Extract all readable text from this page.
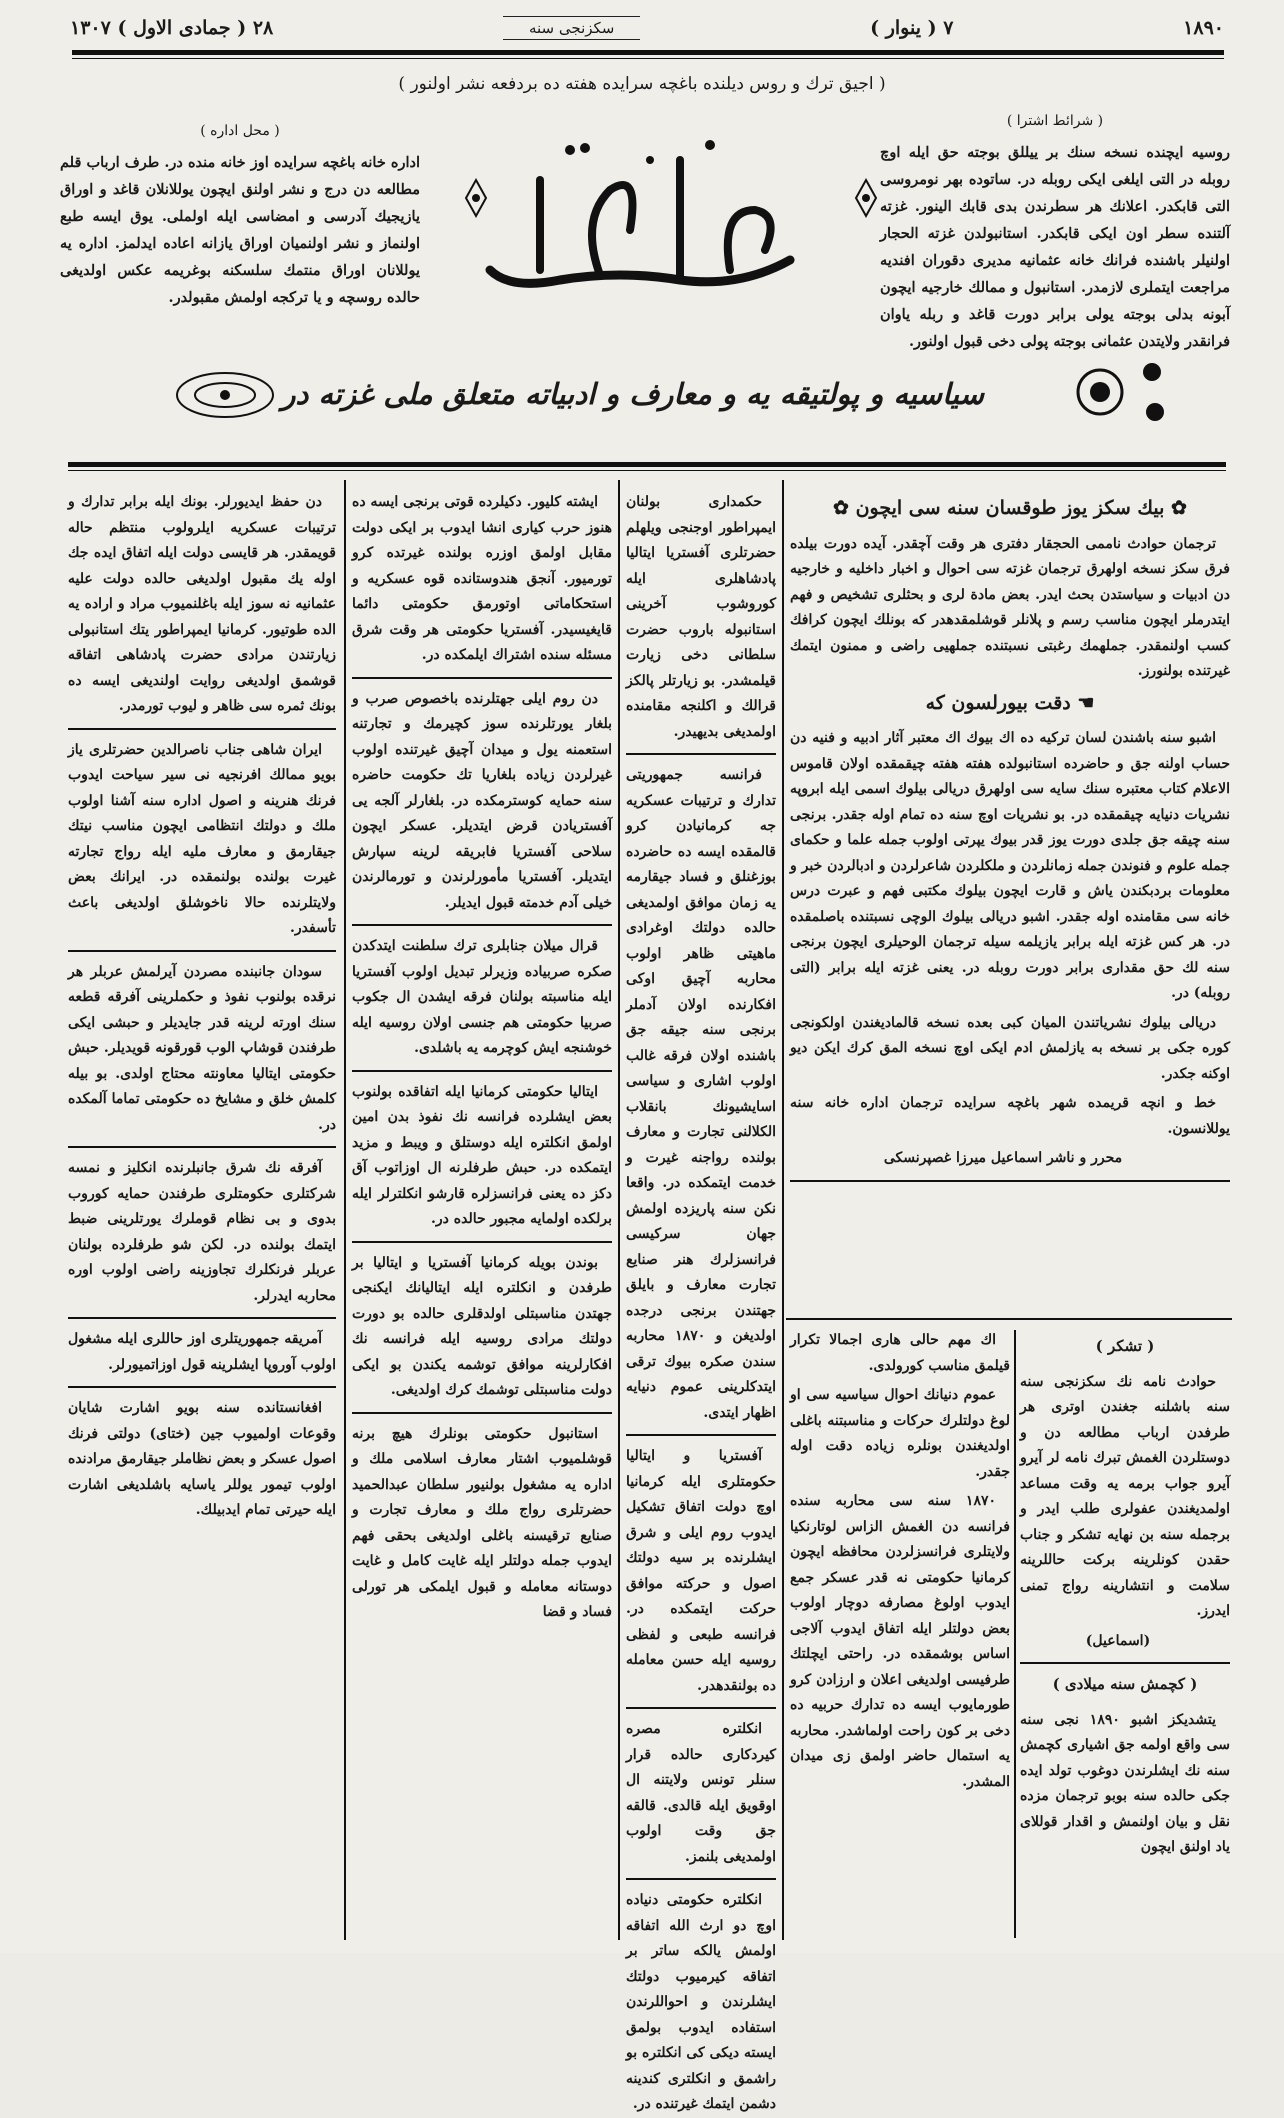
١٨٩٠
٧ ( ينوار )
سكزنجى سنه
٢٨ ( جمادى الاول ) ١٣٠٧
( اجيق ترك و روس ديلنده باغچه سرايده هفته ده بردفعه نشر اولنور )
( شرائط اشترا )
روسيه ايچنده نسخه سنك بر ييللق بوجته حق ايله اوچ روبله در التى ايلغى ايكى روبله در. ساتوده بهر نومروسى التى قابكدر. اعلانك هر سطرندن بدى قابك الينور. غزته آلتنده سطر اون ايكى قابكدر. استانبولدن غزته الحجار اولنيلر باشنده فرانك خانه عثمانيه مديرى دقوران افنديه مراجعت ايتملرى لازمدر. استانبول و ممالك خارجيه ايچون آبونه بدلى بوجته يولى برابر دورت قاغد و ربله ياوان فرانقدر ولايتدن عثمانى بوجته پولى دخى قبول اولنور.
( محل اداره )
اداره خانه باغچه سرايده اوز خانه منده در. طرف ارباب قلم مطالعه دن درج و نشر اولنق ايچون يوللانلان قاغد و اوراق يازيجيك آدرسى و امضاسى ايله اولملى. يوق ايسه طبع اولنماز و نشر اولنميان اوراق يازانه اعاده ايدلمز. اداره يه يوللانان اوراق منتمك سلسكنه بوغريمه عكس اولديغى حالده روسچه و يا تركجه اولمش مقبولدر.
سياسيه و پولتيقه يه و معارف و ادبياته متعلق ملى غزته در
✿ بيك سكز يوز طوقسان سنه سى ايچون ✿

ترجمان حوادث ناممى الحجقار دفترى هر وقت آچقدر. آيده دورت بيلده فرق سكز نسخه اولهرق ترجمان غزته سى احوال و اخبار داخليه و خارجيه دن ادبيات و سياستدن بحث ايدر. بعض مادة لرى و بحثلرى تشخيص و فهم ايتدرملر ايچون مناسب رسم و پلانلر قوشلمقدهدر كه بونلك ايچون كرافك كسب اولنمقدر. جملهمك رغبتى نسبتنده جملهيى راضى و ممنون ايتمك غيرتنده بولنورز.

☚ دقت بيورلسون كه

اشبو سنه باشندن لسان تركيه ده اك بيوك اك معتبر آثار ادبيه و فنيه دن حساب اولنه جق و حاضرده استانبولده هفته هفته چيقمقده اولان قاموس الاعلام كتاب معتبره سنك سايه سى اولهرق دريالى بيلوك اسمى ايله ابروپه نشريات دنيايه چيقمقده در. بو نشريات اوچ سنه ده تمام اوله جقدر. برنجى سنه چيقه جق جلدى دورت يوز قدر بيوك يپرتى اولوب جمله علما و حكماى جمله علوم و فنوندن جمله زمانلردن و ملكلردن شاعرلردن و ادبالردن خبر و معلومات بردبكندن ياش و قارت ايچون بيلوك مكتبى فهم و عبرت درس خانه سى مقامنده اوله جقدر. اشبو دريالى بيلوك الوچى نسبتنده باصلمقده در. هر كس غزته ايله برابر يازيلمه سيله ترجمان الوحيلرى ايچون برنجى سنه لك حق مقدارى برابر دورت روبله در. يعنى غزته ايله برابر (التى روبله) در.

دريالى بيلوك نشرياتندن الميان كبى بعده نسخه قالماديغندن اولكونجى كوره جكى بر نسخه به يازلمش ادم ايكى اوچ نسخه المق كرك ايكن ديو اوكنه جكدر.

خط و انچه قريمده شهر باغچه سرايده ترجمان اداره خانه سنه يوللانسون.

محرر و ناشر اسماعيل ميرزا غصپرنسكى

( تشكر )

حوادث نامه نك سكزنجى سنه سنه باشلنه جغندن اوترى هر طرفدن ارباب مطالعه دن و دوستلردن الغمش تبرك نامه لر آيرو آيرو جواب برمه يه وقت مساعد اولمديغندن عفولرى طلب ايدر و برجمله سنه بن نهايه تشكر و جناب حقدن كونلرينه بركت حاللرينه سلامت و انتشارينه رواج تمنى ايدرز.

(اسماعيل)

( كچمش سنه ميلادى )

يتشديكز اشبو ١٨٩٠ نجى سنه سى واقع اولمه جق اشيارى كچمش سنه نك ايشلرندن دوغوب تولد ايده جكى حالده سنه بوبو ترجمان مزده نقل و بيان اولنمش و اقدار قوللاى ياد اولنق ايچون

اك مهم حالى هارى اجمالا تكرار قيلمق مناسب كورولدى.

عموم دنيانك احوال سياسيه سى او لوغ دولتلرك حركات و مناسبتنه باغلى اولديغندن بونلره زياده دقت اوله جقدر.

١٨٧٠ سنه سى محاربه سنده فرانسه دن الغمش الزاس لوتارنكيا ولايتلرى فرانسزلردن محافظه ايچون كرمانيا حكومتى نه قدر عسكر جمع ايدوب اولوغ مصارفه دوچار اولوب بعض دولتلر ايله اتفاق ايدوب آلاجى اساس بوشمقده در. راحتى ايچلتك طرفيسى اولديغى اعلان و ارزادن كرو طورمايوب ايسه ده تدارك حربيه ده دخى بر كون راحت اولماشدر. محاربه يه استمال حاضر اولمق زى ميدان المشدر.

حكمدارى بولنان ايمپراطور اوجنجى ويلهلم حضرتلرى آفستريا ايتاليا پادشاهلرى ايله كوروشوب آخرينى استانبوله باروب حضرت سلطانى دخى زيارت قيلمشدر. بو زيارتلر پالكز قرالك و اكلنجه مقامنده اولمديغى بديهيدر.

فرانسه جمهوريتى تدارك و ترتيبات عسكريه جه كرمانيادن كرو قالمقده ايسه ده حاضرده بوزغنلق و فساد جيقارمه يه زمان موافق اولمديغى حالده دولتك اوغرادى ماهيتى ظاهر اولوب محاربه آچيق اوكى افكارنده اولان آدملر برنجى سنه جيقه جق باشنده اولان فرقه غالب اولوب اشارى و سياسى اسايشيونك بانقلاب الكلالنى تجارت و معارف بولنده رواجنه غيرت و خدمت ايتمكده در. واقعا نكن سنه پاريزده اولمش جهان سركيسى فرانسزلرك هنر صنايع تجارت معارف و بايلق جهتندن برنجى درجده اولديغن و ١٨٧٠ محاربه سندن صكره بيوك ترقى ايتدكلرينى عموم دنيايه اظهار ايتدى.

آفستريا و ايتاليا حكومتلرى ايله كرمانيا اوچ دولت اتفاق تشكيل ايدوب روم ايلى و شرق ايشلرنده بر سيه دولتك اصول و حركته موافق حركت ايتمكده در. فرانسه طبعى و لفظى روسيه ايله حسن معامله ده بولنقدهدر.

انكلتره مصره كيردكارى حالده قرار سنلر تونس ولايتنه ال اوقويق ايله قالدى. قالقه جق وقت اولوب اولمديغى بلنمز.

انكلتره حكومتى دنياده اوچ دو ارث الله اتفاقه اولمش يالكه ساتر بر اتفاقه كيرميوب دولتك ايشلرندن و احواللرندن استفاده ايدوب بولمق ايسته ديكى كى انكلتره بو راشمق و انكلترى كندينه دشمن ايتمك غيرتنده در.

ايشته كليور. دكيلرده قوتى برنجى ايسه ده هنوز حرب كيارى انشا ايدوب بر ايكى دولت مقابل اولمق اوزره بولنده غيرتده كرو تورميور. آنجق هندوستانده قوه عسكريه و استحكاماتى اوتورمق حكومتى دائما قايغيسيدر. آفستريا حكومتى هر وقت شرق مسئله سنده اشتراك ايلمكده در.

دن روم ايلى جهتلرنده باخصوص صرب و بلغار يورتلرنده سوز كچيرمك و تجارتنه استعمنه يول و ميدان آچيق غيرتنده اولوب غيرلردن زياده بلغاريا تك حكومت حاضره سنه حمايه كوسترمكده در. بلغارلر آلجه يى آفستريادن قرض ايتديلر. عسكر ايچون سلاحى آفستريا فابريقه لرينه سپارش ايتديلر. آفستريا مأمورلرندن و تورمالرندن خيلى آدم خدمته قبول ايديلر.

قرال ميلان جنابلرى ترك سلطنت ايتدكدن صكره صربياده وزيرلر تبديل اولوب آفستريا ايله مناسبته بولنان فرقه ايشدن ال جكوب صربيا حكومتى هم جنسى اولان روسيه ايله خوشنجه ايش كوچرمه يه باشلدى.

ايتاليا حكومتى كرمانيا ايله اتفاقده بولنوب بعض ايشلرده فرانسه نك نفوذ بدن امين اولمق انكلتره ايله دوستلق و ويبط و مزيد ايتمكده در. حبش طرفلرنه ال اوزاتوب آق دكز ده يعنى فرانسزلره قارشو انكلترلر ايله برلكده اولمايه مجبور حالده در.

بوندن بويله كرمانيا آفستريا و ايتاليا بر طرفدن و انكلتره ايله ايتاليانك ايكنجى جهتدن مناسبتلى اولدقلرى حالده بو دورت دولتك مرادى روسيه ايله فرانسه نك افكارلرينه موافق توشمه يكندن بو ايكى دولت مناسبتلى توشمك كرك اولديغى.

استانبول حكومتى بونلرك هيچ برنه قوشلميوب اشتار معارف اسلامى ملك و اداره يه مشغول بولنيور سلطان عبدالحميد حضرتلرى رواج ملك و معارف تجارت و صنايع ترقيسنه باغلى اولديغى بحقى فهم ايدوب جمله دولتلر ايله غايت كامل و غايت دوستانه معامله و قبول ايلمكى هر تورلى فساد و قضا

دن حفظ ايديورلر. بونك ايله برابر تدارك و ترتيبات عسكريه ايلرولوب منتظم حاله قويمقدر. هر قايسى دولت ايله اتفاق ايده جك اوله يك مقبول اولديغى حالده دولت عليه عثمانيه نه سوز ايله باغلنميوب مراد و اراده يه الده طوتيور. كرمانيا ايمپراطور يتك استانبولى زيارتندن مرادى حضرت پادشاهى اتفاقه قوشمق اولديغى روايت اولنديغى ايسه ده بونك ثمره سى ظاهر و ليوب تورمدر.

ايران شاهى جناب ناصرالدين حضرتلرى ياز بويو ممالك افرنجيه نى سير سياحت ايدوب فرنك هنرينه و اصول اداره سنه آشنا اولوب ملك و دولتك انتظامى ايچون مناسب نيتك جيقارمق و معارف مليه ايله رواج تجارته غيرت بولنده بولنمقده در. ايرانك بعض ولايتلرنده حالا ناخوشلق اولديغى باعث تأسفدر.

سودان جانبنده مصردن آيرلمش عربلر هر نرقده بولنوب نفوذ و حكملرينى آفرقه قطعه سنك اورته لرينه قدر جايديلر و حبشى ايكى طرفندن قوشاپ الوب قورقونه قويديلر. حبش حكومتى ايتاليا معاونته محتاج اولدى. بو بيله كلمش خلق و مشايخ ده حكومتى تماما آلمكده در.

آفرقه نك شرق جانبلرنده انكليز و نمسه شركتلرى حكومتلرى طرفندن حمايه كوروب بدوى و بى نظام قوملرك يورتلرينى ضبط ايتمك بولنده در. لكن شو طرفلرده بولنان عربلر فرنكلرك تجاوزينه راضى اولوب اوره محاربه ايدرلر.

آمريقه جمهوريتلرى اوز حاللرى ايله مشغول اولوب آوروپا ايشلرينه قول اوزاتميورلر.

افغانستانده سنه بويو اشارت شايان وقوعات اولميوب جين (ختاى) دولتى فرنك اصول عسكر و بعض نظاملر جيقارمق مرادنده اولوب تيمور يوللر ياسايه باشلديغى اشارت ايله حيرتى تمام ايدبيلك.
